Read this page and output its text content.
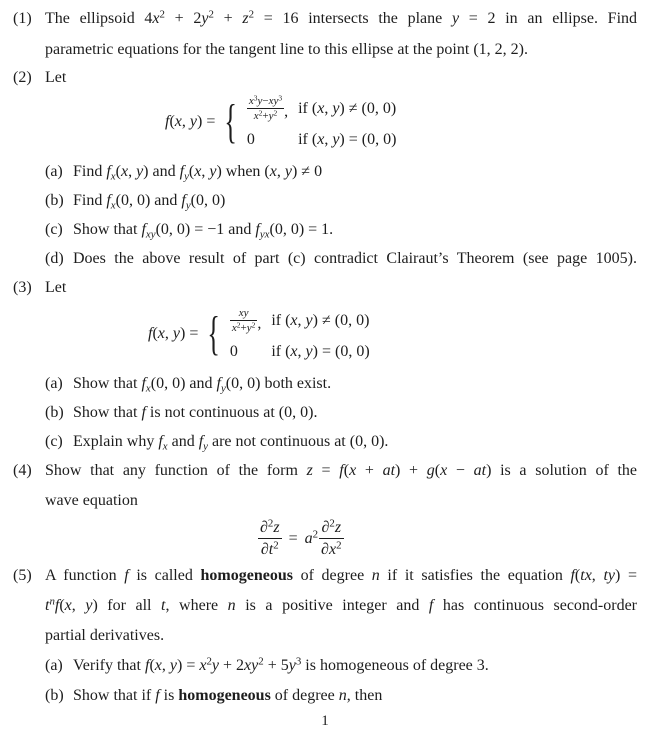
(1) The ellipsoid $4x^2 + 2y^2 + z^2 = 16$ intersects the plane y = 2 in an ellipse. Find
parametric equations for the tangent line to this ellipse at the point (1, 2, 2).
(2) Let
f(x, y) = { $\frac{x^3y-xy^3}{x^2+y^2}$ , if (x, y) ≠ (0, 0)
0	if (x, y) = (0, 0)
(a) Find $f_x(x$, y) and $f_y(x$, y) when (x, y) ≠ 0
(b) Find $f_x(0$, 0) and $f_y(0$, 0)
(c) Show that $f_{xy}(0$, 0) = −1 and $f_{yx}(0$, 0) = 1.
(d) Does the above result of part (c) contradict Clairaut’s Theorem (see page 1005).
(3) Let
f(x, y) = { $\frac{xy}{x^2+y^2}$ , if (x, y) ≠ (0, 0)
0 if (x, y) = (0, 0)
(a) Show that $f_x(0$, 0) and $f_y(0$, 0) both exist.
(b) Show that f is not continuous at (0, 0).
(c) Explain why $f_x$ and $f_y$ are not continuous at (0, 0).
(4) Show that any function of the form z = f(x + at) + g(x − at) is a solution of the
wave equation
$\frac{\partial^2z}{\partial t^2} = a^2 \frac{\partial^2z}{\partial x^2}$
(5) A function f is called homogeneous of degree n if it satisfies the equation f(tx, ty) =
$t^nf(x$, y) for all t, where n is a positive integer and f has continuous second-order
partial derivatives.
(a) Verify that f(x, $y) = x^2y + 2xy^2 + 5y^3$ is homogeneous of degree 3.
(b) Show that if f is homogeneous of degree n, then
1
